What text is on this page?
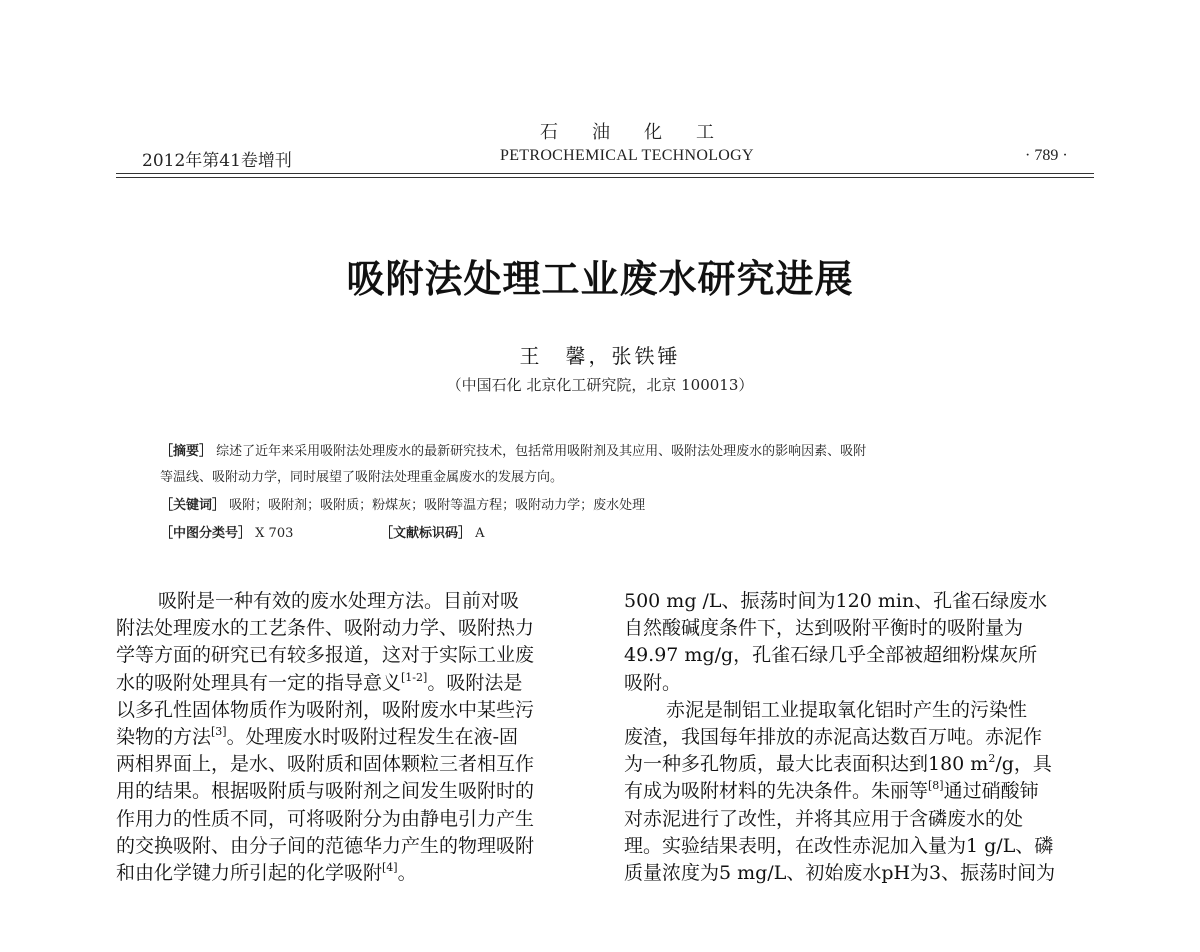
石油化工
2012年第41卷增刊	PETROCHEMICAL TECHNOLOGY	· 789 ·
吸附法处理工业废水研究进展
王　馨，张铁锤
（中国石化 北京化工研究院，北京 100013）
［摘要］ 综述了近年来采用吸附法处理废水的最新研究技术，包括常用吸附剂及其应用、吸附法处理废水的影响因素、吸附
等温线、吸附动力学，同时展望了吸附法处理重金属废水的发展方向。
［关键词］ 吸附；吸附剂；吸附质；粉煤灰；吸附等温方程；吸附动力学；废水处理
［中图分类号］ X 703	［文献标识码］ A
吸附是一种有效的废水处理方法。目前对吸
附法处理废水的工艺条件、吸附动力学、吸附热力
学等方面的研究已有较多报道，这对于实际工业废
水的吸附处理具有一定的指导意义[1-2]。吸附法是
以多孔性固体物质作为吸附剂，吸附废水中某些污
染物的方法[3]。处理废水时吸附过程发生在液-固
两相界面上，是水、吸附质和固体颗粒三者相互作
用的结果。根据吸附质与吸附剂之间发生吸附时的
作用力的性质不同，可将吸附分为由静电引力产生
的交换吸附、由分子间的范德华力产生的物理吸附
和由化学键力所引起的化学吸附[4]。
500 mg /L、振荡时间为120 min、孔雀石绿废水
自然酸碱度条件下，达到吸附平衡时的吸附量为
49.97 mg/g，孔雀石绿几乎全部被超细粉煤灰所
吸附。
赤泥是制铝工业提取氧化铝时产生的污染性
废渣，我国每年排放的赤泥高达数百万吨。赤泥作
为一种多孔物质，最大比表面积达到180 $m^2/g$，具
有成为吸附材料的先决条件。朱丽等[8]通过硝酸铈
对赤泥进行了改性，并将其应用于含磷废水的处
理。实验结果表明，在改性赤泥加入量为1 g/L、磷
质量浓度为5 mg/L、初始废水pH为3、振荡时间为
